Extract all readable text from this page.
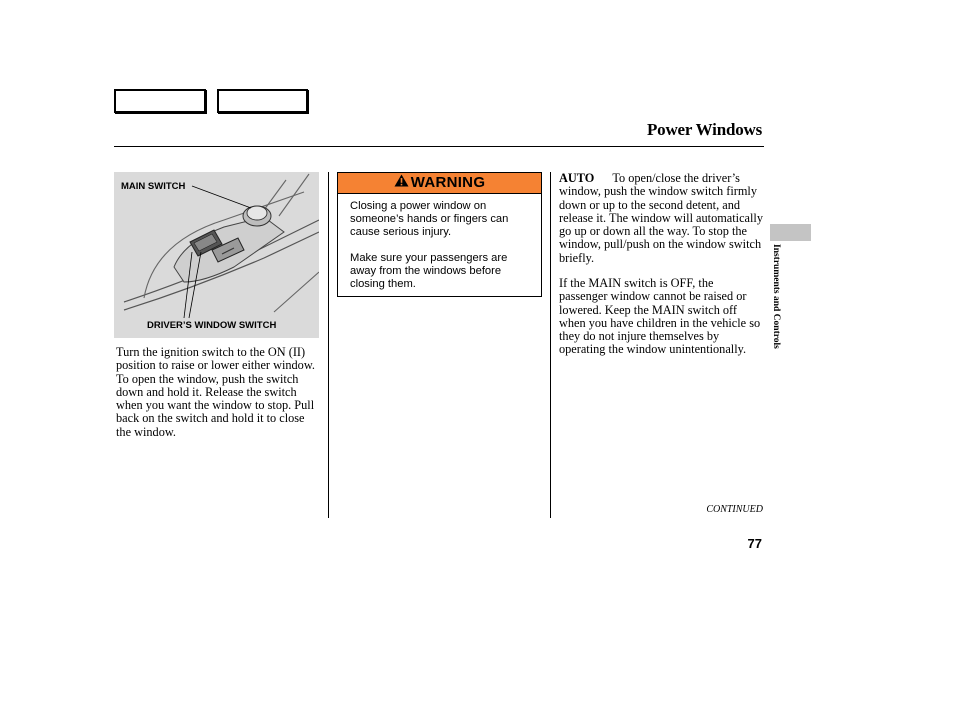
Power Windows
MAIN SWITCH
DRIVER’S WINDOW SWITCH
Turn the ignition switch to the ON (II) position to raise or lower either window. To open the window, push the switch down and hold it. Release the switch when you want the window to stop. Pull back on the switch and hold it to close the window.
WARNING
Closing a power window on someone’s hands or fingers can cause serious injury.
Make sure your passengers are away from the windows before closing them.
AUTO To open/close the driver’s window, push the window switch firmly down or up to the second detent, and release it. The window will automatically go up or down all the way. To stop the window, pull/push on the window switch briefly.
If the MAIN switch is OFF, the passenger window cannot be raised or lowered. Keep the MAIN switch off when you have children in the vehicle so they do not injure themselves by operating the window unintentionally.
Instruments and Controls
CONTINUED
77
